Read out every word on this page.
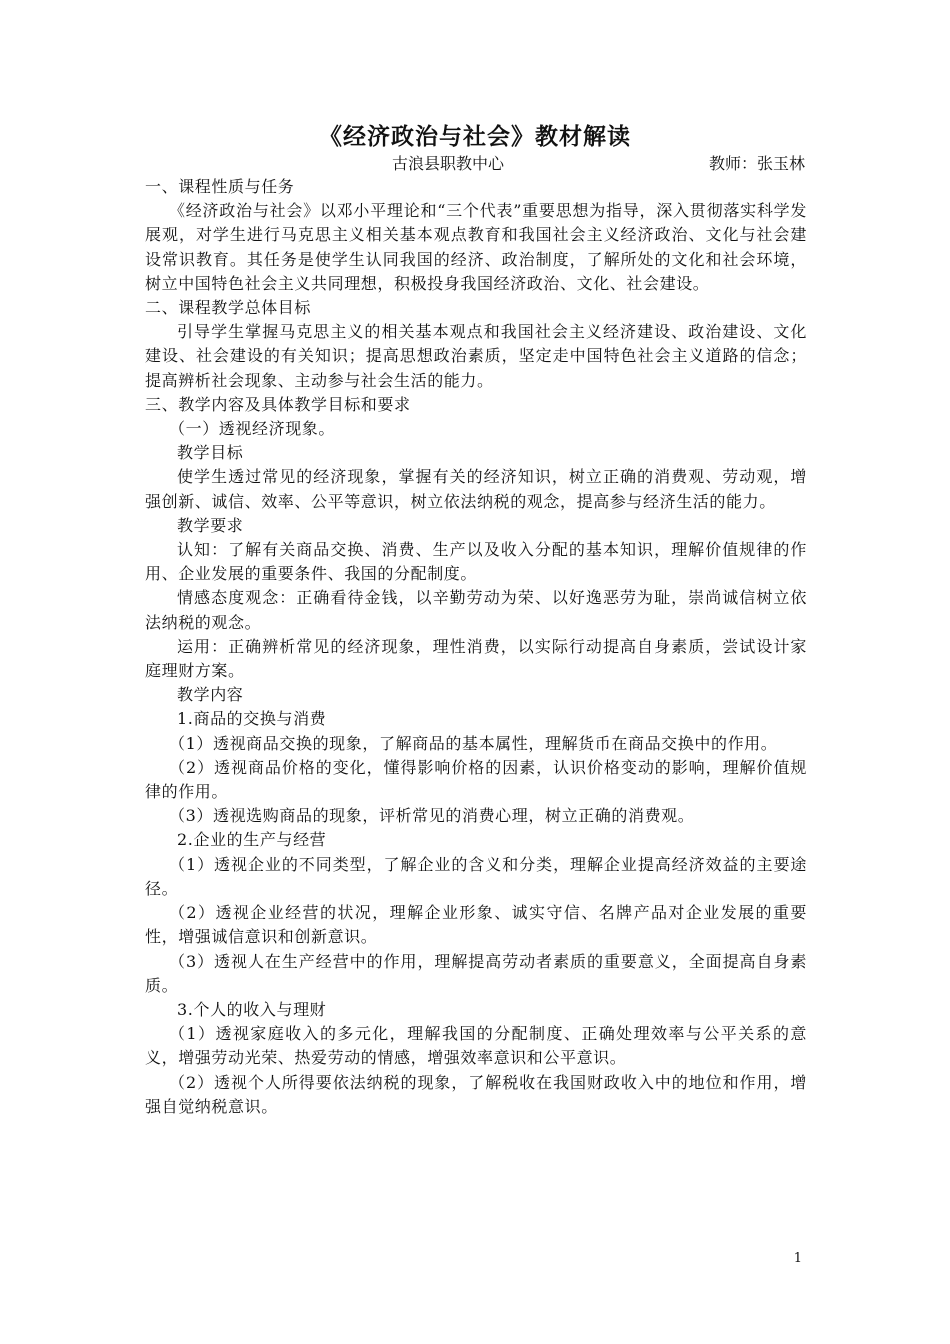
《经济政治与社会》教材解读
古浪县职教中心	教师：张玉林

一、课程性质与任务

《经济政治与社会》以邓小平理论和“三个代表”重要思想为指导，深入贯彻落实科学发展观，对学生进行马克思主义相关基本观点教育和我国社会主义经济政治、文化与社会建设常识教育。其任务是使学生认同我国的经济、政治制度，了解所处的文化和社会环境，树立中国特色社会主义共同理想，积极投身我国经济政治、文化、社会建设。

二、课程教学总体目标

引导学生掌握马克思主义的相关基本观点和我国社会主义经济建设、政治建设、文化建设、社会建设的有关知识；提高思想政治素质，坚定走中国特色社会主义道路的信念；提高辨析社会现象、主动参与社会生活的能力。

三、教学内容及具体教学目标和要求

（一）透视经济现象。

教学目标

使学生透过常见的经济现象，掌握有关的经济知识，树立正确的消费观、劳动观，增强创新、诚信、效率、公平等意识，树立依法纳税的观念，提高参与经济生活的能力。

教学要求

认知：了解有关商品交换、消费、生产以及收入分配的基本知识，理解价值规律的作用、企业发展的重要条件、我国的分配制度。

情感态度观念：正确看待金钱，以辛勤劳动为荣、以好逸恶劳为耻，崇尚诚信树立依法纳税的观念。

运用：正确辨析常见的经济现象，理性消费，以实际行动提高自身素质，尝试设计家庭理财方案。

教学内容

1.商品的交换与消费

（1）透视商品交换的现象，了解商品的基本属性，理解货币在商品交换中的作用。

（2）透视商品价格的变化，懂得影响价格的因素，认识价格变动的影响，理解价值规律的作用。

（3）透视选购商品的现象，评析常见的消费心理，树立正确的消费观。

2.企业的生产与经营

（1）透视企业的不同类型，了解企业的含义和分类，理解企业提高经济效益的主要途径。

（2）透视企业经营的状况，理解企业形象、诚实守信、名牌产品对企业发展的重要性，增强诚信意识和创新意识。

（3）透视人在生产经营中的作用，理解提高劳动者素质的重要意义，全面提高自身素质。

3.个人的收入与理财

（1）透视家庭收入的多元化，理解我国的分配制度、正确处理效率与公平关系的意义，增强劳动光荣、热爱劳动的情感，增强效率意识和公平意识。

（2）透视个人所得要依法纳税的现象，了解税收在我国财政收入中的地位和作用，增强自觉纳税意识。

1
